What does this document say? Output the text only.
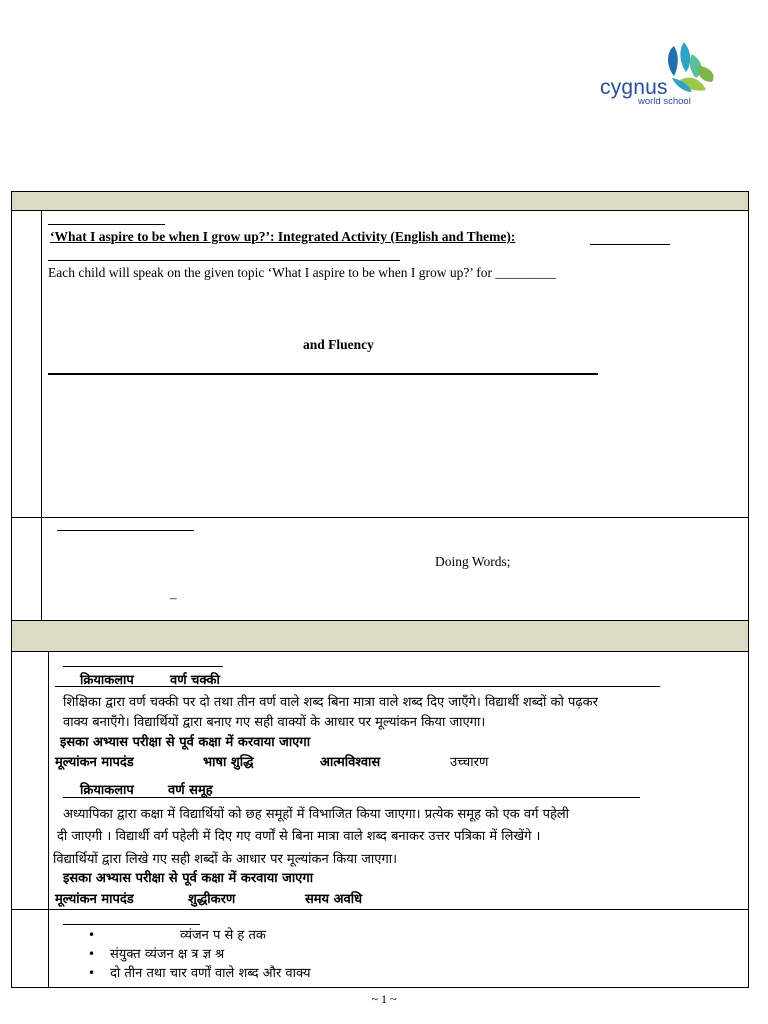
cygnus
world school
‘What I aspire to be when I grow up?’: Integrated Activity (English and Theme):
Each child will speak on the given topic ‘What I aspire to be when I grow up?’ for _________
and Fluency
Doing Words;
–
क्रियाकलाप	वर्ण चक्की
शिक्षिका द्वारा वर्ण चक्की पर दो तथा तीन वर्ण वाले शब्द बिना मात्रा वाले शब्द दिए जाएँगे। विद्यार्थी शब्दों को पढ़कर
वाक्य बनाएँगे। विद्यार्थियों द्वारा बनाए गए सही वाक्यों के आधार पर मूल्यांकन किया जाएगा।
इसका अभ्यास परीक्षा से पूर्व कक्षा में करवाया जाएगा
मूल्यांकन मापदंड	भाषा शुद्धि	आत्मविश्वास	उच्चारण
क्रियाकलाप	वर्ण समूह
अध्यापिका द्वारा कक्षा में विद्यार्थियों को छह समूहों में विभाजित किया जाएगा। प्रत्येक समूह को एक वर्ग पहेली
दी जाएगी । विद्यार्थी वर्ग पहेली में दिए गए वर्णों से बिना मात्रा वाले शब्द बनाकर उत्तर पत्रिका में लिखेंगे ।
विद्यार्थियों द्वारा लिखे गए सही शब्दों के आधार पर मूल्यांकन किया जाएगा।
इसका अभ्यास परीक्षा से पूर्व कक्षा में करवाया जाएगा
मूल्यांकन मापदंड	शुद्धीकरण	समय अवधि
•	व्यंजन प से ह तक
• संयुक्त व्यंजन क्ष त्र ज्ञ श्र
• दो तीन तथा चार वर्णों वाले शब्द और वाक्य
~ 1 ~
